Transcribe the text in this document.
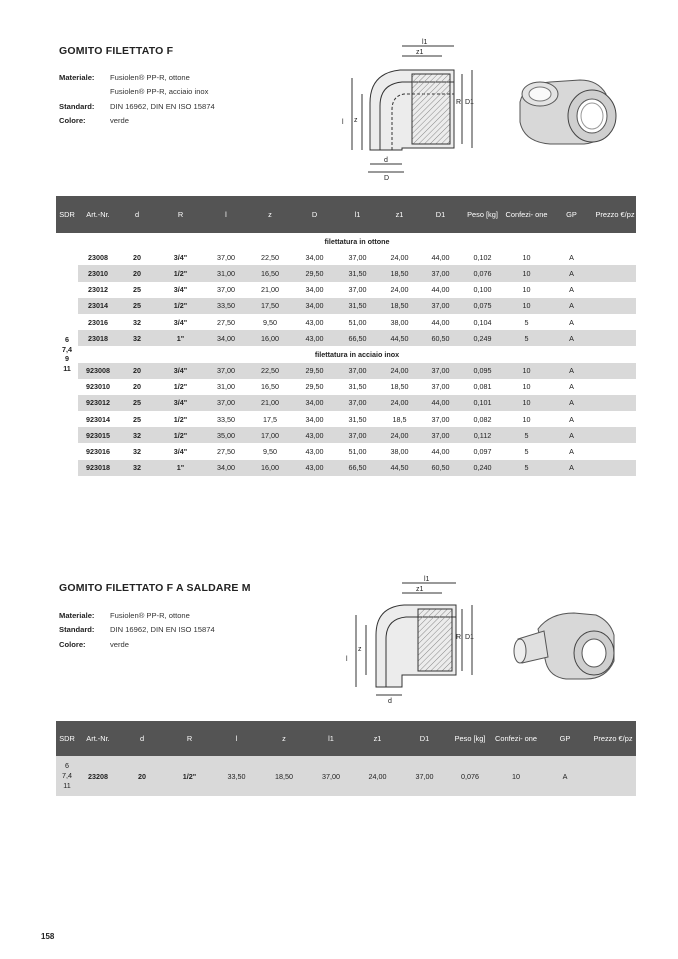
GOMITO FILETTATO F
Materiale:	Fusiolen® PP-R, ottone
Fusiolen® PP-R, acciaio inox
Standard:	DIN 16962, DIN EN ISO 15874
Colore:	verde
l1
z1
z
l
d
D
R D1
SDR	Art.-Nr.	d	R	l	z	D	l1	z1	D1	Peso [kg]	Confezi- one	GP	Prezzo €/pz

6
7,4
9
11	filettatura in ottone												
	23008	20	3/4"	37,00	22,50	34,00	37,00	24,00	44,00	0,102	10	A	
	23010	20	1/2"	31,00	16,50	29,50	31,50	18,50	37,00	0,076	10	A	
	23012	25	3/4"	37,00	21,00	34,00	37,00	24,00	44,00	0,100	10	A	
	23014	25	1/2"	33,50	17,50	34,00	31,50	18,50	37,00	0,075	10	A	
	23016	32	3/4"	27,50	9,50	43,00	51,00	38,00	44,00	0,104	5	A	
	23018	32	1"	34,00	16,00	43,00	66,50	44,50	60,50	0,249	5	A	
	filettatura in acciaio inox												
	923008	20	3/4"	37,00	22,50	29,50	37,00	24,00	37,00	0,095	10	A	
	923010	20	1/2"	31,00	16,50	29,50	31,50	18,50	37,00	0,081	10	A	
	923012	25	3/4"	37,00	21,00	34,00	37,00	24,00	44,00	0,101	10	A	
	923014	25	1/2"	33,50	17,5	34,00	31,50	18,5	37,00	0,082	10	A	
	923015	32	1/2"	35,00	17,00	43,00	37,00	24,00	37,00	0,112	5	A	
	923016	32	3/4"	27,50	9,50	43,00	51,00	38,00	44,00	0,097	5	A	
	923018	32	1"	34,00	16,00	43,00	66,50	44,50	60,50	0,240	5	A	
GOMITO FILETTATO F A SALDARE M
Materiale:	Fusiolen® PP-R, ottone
Standard:	DIN 16962, DIN EN ISO 15874
Colore:	verde
l1
z1
z
l
d
R D1
SDR	Art.-Nr.	d	R	l	z	l1	z1	D1	Peso [kg]	Confezi- one	GP	Prezzo €/pz

6
7,4
11	23208	20	1/2"	33,50	18,50	37,00	24,00	37,00	0,076	10	A	
158
